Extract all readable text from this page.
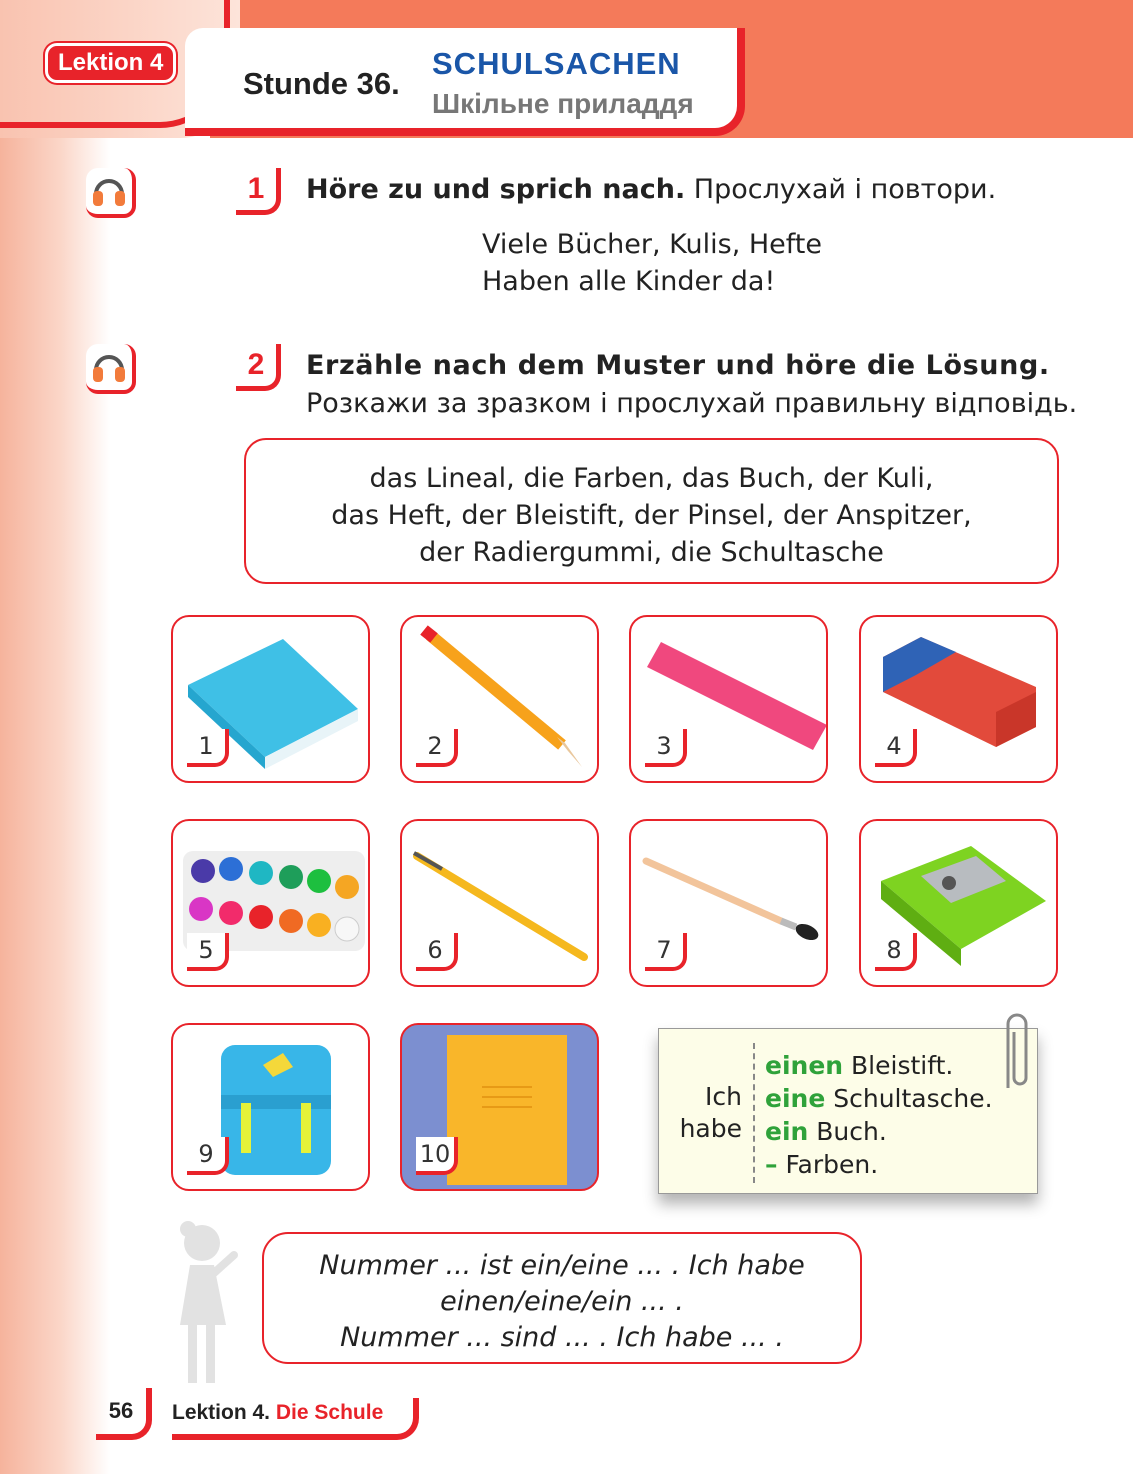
Lektion 4
Stunde 36.
SCHULSACHEN
Шкільне приладдя
1	Höre zu und sprich nach. Прослухай і повтори.
Viele Bücher, Kulis, Hefte
Haben alle Kinder da!
2	Erzähle nach dem Muster und höre die Lösung.
Розкажи за зразком і прослухай правильну відповідь.
das Lineal, die Farben, das Buch, der Kuli,
das Heft, der Bleistift, der Pinsel, der Anspitzer,
der Radiergummi, die Schultasche
1	2	3	4
5	6	7	8
9	10
Ich
habe
einen Bleistift.
eine Schultasche.
ein Buch.
– Farben.
Nummer ... ist ein/eine ... . Ich habe
einen/eine/ein ... .
Nummer ... sind ... . Ich habe ... .
56	Lektion 4. Die Schule
